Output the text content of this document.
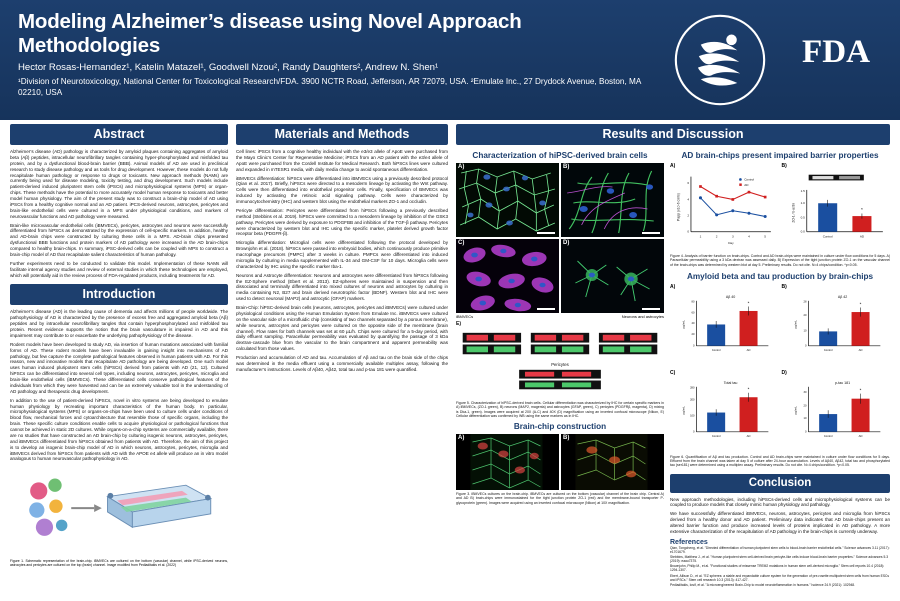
Modeling Alzheimer’s disease using Novel Approach Methodologies
Hector Rosas-Hernandez¹, Katelin Matazel¹, Goodwell Nzou², Randy Daughters², Andrew N. Shen¹
¹Division of Neurotoxicology, National Center for Toxicological Research/FDA. 3900 NCTR Road, Jefferson, AR 72079, USA. ²Emulate Inc., 27 Drydock Avenue, Boston, MA 02210, USA
FDA
Abstract

Alzheimer’s disease (AD) pathology is characterized by amyloid plaques containing aggregates of amyloid beta (Aβ) peptides, intracellular neurofibrillary tangles containing hyper-phosphorylated and misfolded tau protein, and by a dysfunctional blood-brain barrier (BBB). Animal models of AD are used in preclinical research to study disease pathology and as tools for drug development. However, these models do not fully recapitulate human pathology or response to drugs or toxicants. New approach methods (NAMs) are currently being used for disease modeling, toxicity testing, and drug development. Such models include patient-derived induced pluripotent stem cells (iPSCs) and microphysiological systems (MPS) or organ-chips. These methods have the potential to more accurately model human response to toxicants and better model human physiology. The aim of the present study was to construct a brain-chip model of AD using iPSCs from a healthy cognitive normal and an AD patient. iPCS-derived neurons, astrocytes, pericytes and brain-like endothelial cells were cultured in a MPS under physiological conditions, and markers of neurovascular functions and AD pathology were measured.

Brain-like microvascular endothelial cells (iBMVECs), pericytes, astrocytes and neurons were successfully differentiated from hiPSCs as demonstrated by the expression of cell-specific markers. In addition, healthy and AD-brain chips were constructed by culturing these cells in a MPS. AD-brain chips presented dysfunctional BBB functions and protein markers of AD pathology were increased in the AD brain-chips compared to healthy brain-chips. In summary, iPSC-derived cells can be coupled with MPS to construct a brain-chip model of AD that recapitulate salient characteristics of human pathology.

Further experiments need to be conducted to validate this model. Implementation of these NAMs will facilitate internal agency studies and review of external studies in which these technologies are employed, which will potentially aid in the review process of FDA-regulated products, including treatments for AD.

Introduction

Alzheimer’s disease (AD) is the leading cause of dementia and affects millions of people worldwide. The pathophysiology of AD is characterized by the presence of excess free and aggregated amyloid beta (Aβ) peptides and by intracellular neurofibrillary tangles that contain hyperphosphorylated and misfolded tau protein. Recent evidence supports the notion that the brain vasculature is impaired in AD and this impairment may contribute to or exacerbate the underlying pathophysiology of the disease.

Rodent models have been developed to study AD, via insertion of human mutations associated with familial forms of AD. These rodent models have been invaluable in gaining insight into mechanisms of AD pathology, but few capture the complete pathological features observed in human patients with AD. For this reason, new and innovative models that recapitulate AD pathology are being developed. One such model uses human induced pluripotent stem cells (hiPSCs) derived from patients with AD (21, 12). Cultured hiPSCs can be differentiated into several cell types, including neurons, astrocytes, pericytes, microglia and brain-like endothelial cells (iBMVECs). These differentiated cells conserve pathological features of the individuals from which they were harvested and can be an extremely valuable tool in the understanding of AD pathology and therapeutic drug development.

In addition to the use of patient-derived hiPSCs, novel in vitro systems are being developed to emulate human physiology by recreating important characteristics of the human body. In particular, microphysiological systems (MPS) or organs-on-chips have been used to culture cells under conditions of blood flow, mechanical forces and cytoarchitecture that resemble those of specific organs, including the brain. These specific culture conditions enable cells to acquire physiological or pathological functions that cannot be achieved in static 2D cultures. While organs-on-a-chip systems are commercially available, there are no studies that have constructed an AD brain-chip by culturing isogenic neurons, astrocytes, pericytes, and iBMVECs differentiated from hiPSCs obtained from patients with AD. Therefore, the aim of this project is to develop an isogenic brain-chip model of AD in which neurons, astrocytes, pericytes, microglia and iBMVECs derived from hiPSCs from patients with AD with the APOE e4 allele will produce an in vitro model analogous to human neurovascular pathophysiology in AD.

Figure 1. Schematic representation of the brain-chip. iBMVECs are cultured on the bottom (vascular) channel, while iPSC-derived neurons, astrocytes and pericytes are cultured on the top (brain) channel. Image modified from Pediaditakis et al. (2022)
Materials and Methods

Cell lines: iPSCs from a cognitive healthy individual with the e3/e3 allele of ApoE were purchased from the Mayo Clinic’s Center for Regenerative Medicine; iPSCs from an AD patient with the e3/e4 allele of ApoE were purchased from the Cordell Institute for Medical Research. Both hiPSCs lines were cultured and expanded in mTESR1 media, with daily media change to avoid spontaneous differentiation.

iBMVECs differentiation: hiPSCs were differentiated into iBMVECs using a previously described protocol (Qian et al. 2017). Briefly, hiPSCs were directed to a mesoderm lineage by activating the Wnt pathway. Cells were then differentiated into endothelial progenitor cells. Finally, specification of BMVECs was induced by activating the retinoic acid signaling pathway. Cells were characterized by immunocytochemistry (IHC) and western blot using the endothelial markers ZO-1 and occludin.

Pericyte differentiation: Pericytes were differentiated from hiPSCs following a previously described method (Stebbins et al. 2019). hiPSCs were committed to a mesoderm lineage by inhibition of the GSK3 pathway. Pericytes were derived by exposure to PDGFBB and inhibition of the TGF-β pathway. Pericytes were characterized by western blot and IHC using the specific marker, platelet derived growth factor receptor beta (PDGFR-β).

Microglia differentiation: Microglial cells were differentiated following the protocol developed by Brownjohn et al. (2018). hiPSCs were passed into embryoid bodies, which continuously produce primitive macrophage precursors (PMPC) after 3 weeks in culture. PMPCs were differentiated into induced microglia by culturing in media supplemented with IL-34 and GM-CSF for 10 days. Microglia cells were characterized by IHC using the specific marker Iba-1.

Neurons and Astrocyte differentiation: Neurons and astrocytes were differentiated from hiPSCs following the EZ-Sphere method (Ebert et al. 2013). EZ-spheres were maintained in suspension and then dissociated and terminally differentiated into mixed cultures of neurons and astrocytes by culturing in media containing N2, B27 and brain derived neurotrophic factor (BDNF). Western blot and IHC were used to detect neuronal (MAP2) and astrocytic (GFAP) markers.

Brain-Chip: hiPSC-derived brain cells (neurons, astrocytes, pericytes and iBMVECs) were cultured under physiological conditions using the Human Emulation System from Emulate Inc. iBMVECs were cultured on the vascular side of a microfluidic chip (consisting of two channels separated by a porous membrane), while neurons, astrocytes and pericytes were cultured on the opposite side of the membrane (brain channel). Flow rates for both channels was set at 60 µL/h. Chips were cultured for a 5-day period, with daily effluent sampling. Paracellular permeability was evaluated by quantifying the passage of 3 kDa dextran-cascade blue from the vascular to the brain compartment and apparent permeability was calculated from those values.

Production and accumulation of AD and tau. Accumulation of Aβ and tau on the brain side of the chips was determined in the media effluent using a commercially available multiplex assay, following the manufacturer’s instructions. Levels of Aβ40, Aβ42, total tau and p-tau 181 were quantified.

Results and Discussion
Characterization of hiPSC-derived brain cells
A)	B)
C)	D)
iBMVECs	Neurons and astrocytes
E)
Pericytes
Figure 5. Characterization of hiPSC-derived brain cells. Cellular differentiation was characterized by IHC for certain specific markers in A) iBMVECs, (ZO-1 green), B) neurons (MAP2, magenta) and astrocytes (GFAP, green), C) pericytes (PDGFRβ, magenta), D) mixing is Dka-1, green). Images were acquired at 20X (A-C) and 40X (D) magnification using an inverted confocal microscope (Nikon, E) Cellular differentiation was confirmed by WB using the same markers as in IHC.
Brain-chip construction
A)	B)
Figure 3. iBMVECs cultures on the brain-chip. iBMVECs are cultured on the bottom (vascular) channel of the brain chip. Central A) and AD B) brain-chips were immunostained for the tight junction protein ZO-1 (red) and the membrane-bound transporter P-glycoprotein (green). Images were acquired using an inverted confocal microscope (Nikon) at 10X magnification.
AD brain-chips present impaired barrier properties
A)
Papp (x10-6 cm/s)
0
2
4
6
1	2	3	4	5
Day
Control
AD
B)
ZO-1 / b-actin
0.0
0.5
1.0
1.5
Control	AD
*
Figure 4. Analysis of barrier function on brain-chips. Control and AD brain-chips were maintained in culture under flow conditions for 5 days. A) Paracellular permeability using a 3 kDa dextran was assessed daily. B) Expression of the tight junction protein ZO-1 on the vascular channel of the brain-chips was determined by western blot at day 5. Preliminary results. Do not cite. N=4 chips/condition. *p<0.05.
Amyloid beta and tau production by brain-chips
A)
Aβ 40
pg/mL
0
20
40
60
80
Control	AD
*
B)
Aβ 42
pg/mL
0
10
20
28
Control	AD
*
C)
Total tau
pg/mL
0
100
200
280
Control	AD
*
D)
p-tau 181
pg/mL
0
10
20
30
Control	AD
*
Figure 6. Quantification of Aβ and tau production. Control and AD brain-chips were maintained in culture under flow conditions for 5 days. Effluent from the brain channel was taken at day 5 of culture after 24-hour accumulation. Levels of Aβ40, Aβ42, total tau and phosphorylated tau (ser181) were determined using a multiplex assay. Preliminary results. Do not cite. N=4 chips/condition. *p<0.05.
Conclusion

New approach methodologies, including hiPSCs-derived cells and microphysiological systems can be coupled to produce models that closely mimic human physiology and pathology.

We have successfully differentiated iBMVECs, neurons, astrocytes, pericytes and microglia from hiPSCs derived from a healthy donor and AD patient. Preliminary data indicates that AD brain-chips present an altered barrier function and produce increased levels of proteins implicated in AD pathology. A more extensive characterization of the recapitulation of AD pathology in the brain-chips is currently underway.

References
Qian, Tongcheng, et al. "Directed differentiation of human pluripotent stem cells to blood-brain barrier endothelial cells." Science advances 3.11 (2017): e1701679.
Stebbins, Matthew J., et al. "Human pluripotent stem cell-derived brain pericyte-like cells induce blood-brain barrier properties." Science advances 5.3 (2019): eaau7375.
Brownjohn, Philip M., et al. "Functional studies of missense TREM2 mutations in human stem cell-derived microglia." Stem cell reports 10.4 (2018): 1294-1307.
Ebert, Allison D., et al. "EZ spheres: a stable and expandable culture system for the generation of pre-rosette multipotent stem cells from human ESCs and iPSCs." Stem cell research 10.3 (2013): 417-427.
Pediaditakis, Iosif, et al. "A microengineered Brain-Chip to model neuroinflammation in humans." Iscience 24.9 (2021): 102948.
